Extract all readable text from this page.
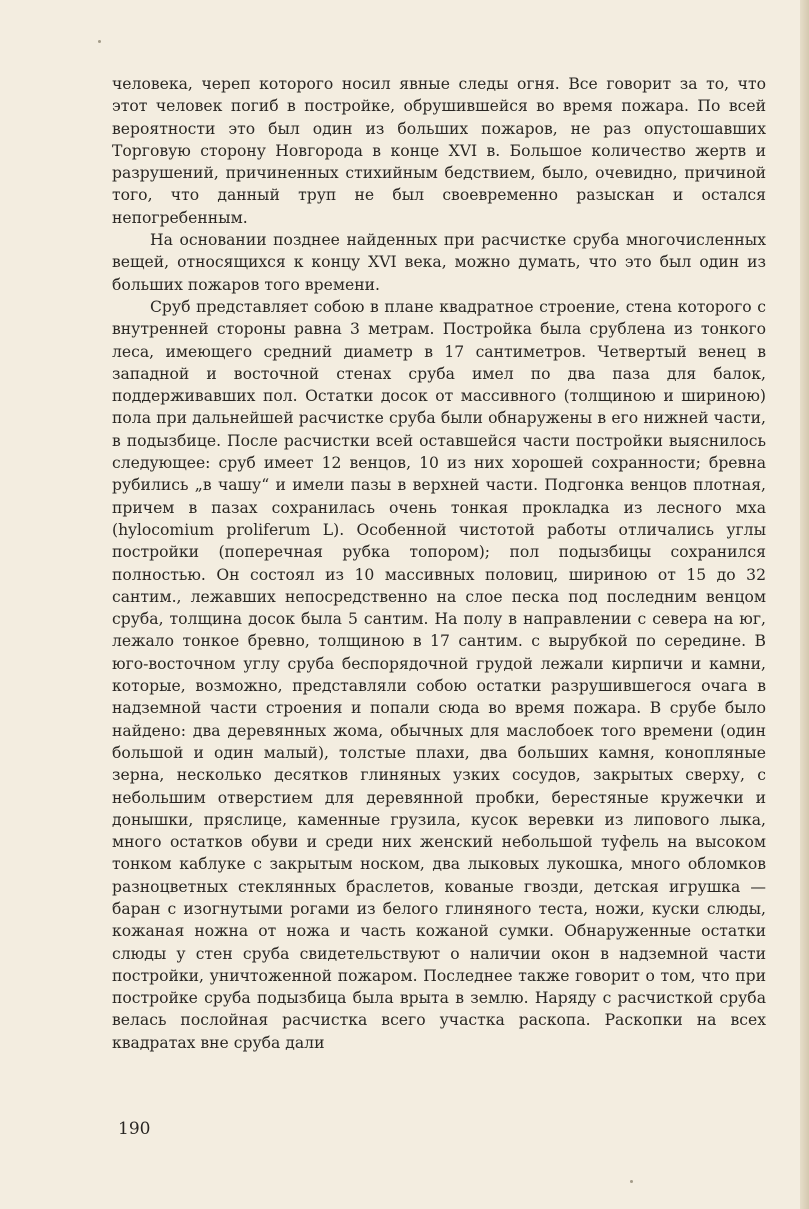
человека, череп которого носил явные следы огня. Все говорит за то, что этот человек погиб в постройке, обрушившейся во время пожара. По всей вероятности это был один из больших пожаров, не раз опустошавших Торговую сторону Новгорода в конце XVI в. Большое количество жертв и разрушений, причиненных стихийным бедствием, было, очевидно, причиной того, что данный труп не был своевременно разыскан и остался непогребенным.

На основании позднее найденных при расчистке сруба многочисленных вещей, относящихся к концу XVI века, можно думать, что это был один из больших пожаров того времени.

Сруб представляет собою в плане квадратное строение, стена которого с внутренней стороны равна 3 метрам. Постройка была срублена из тонкого леса, имеющего средний диаметр в 17 сантиметров. Четвертый венец в западной и восточной стенах сруба имел по два паза для балок, поддерживавших пол. Остатки досок от массивного (толщиною и шириною) пола при дальнейшей расчистке сруба были обнаружены в его нижней части, в подызбице. После расчистки всей оставшейся части постройки выяснилось следующее: сруб имеет 12 венцов, 10 из них хорошей сохранности; бревна рубились „в чашу“ и имели пазы в верхней части. Подгонка венцов плотная, причем в пазах сохранилась очень тонкая прокладка из лесного мха (hylocomium proliferum L). Особенной чистотой работы отличались углы постройки (поперечная рубка топором); пол подызбицы сохранился полностью. Он состоял из 10 массивных половиц, шириною от 15 до 32 сантим., лежавших непосредственно на слое песка под последним венцом сруба, толщина досок была 5 сантим. На полу в направлении с севера на юг, лежало тонкое бревно, толщиною в 17 сантим. с вырубкой по середине. В юго-восточном углу сруба беспорядочной грудой лежали кирпичи и камни, которые, возможно, представляли собою остатки разрушившегося очага в надземной части строения и попали сюда во время пожара. В срубе было найдено: два деревянных жома, обычных для маслобоек того времени (один большой и один малый), толстые плахи, два больших камня, конопляные зерна, несколько десятков глиняных узких сосудов, закрытых сверху, с небольшим отверстием для деревянной пробки, берестяные кружечки и донышки, пряслице, каменные грузила, кусок веревки из липового лыка, много остатков обуви и среди них женский небольшой туфель на высоком тонком каблуке с закрытым носком, два лыковых лукошка, много обломков разноцветных стеклянных браслетов, кованые гвозди, детская игрушка — баран с изогнутыми рогами из белого глиняного теста, ножи, куски слюды, кожаная ножна от ножа и часть кожаной сумки. Обнаруженные остатки слюды у стен сруба свидетельствуют о наличии окон в надземной части постройки, уничтоженной пожаром. Последнее также говорит о том, что при постройке сруба подызбица была врыта в землю. Наряду с расчисткой сруба велась послойная расчистка всего участка раскопа. Раскопки на всех квадратах вне сруба дали

190
